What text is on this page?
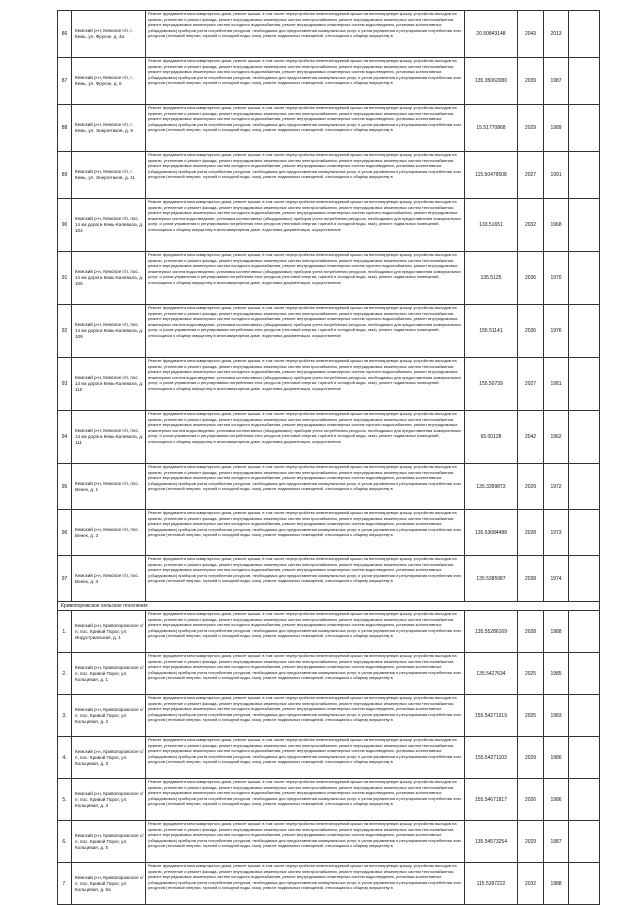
86	Кемский р-н, Кемское г/п, г. Кемь, ул. Фрунзе, д. 4а	Ремонт фундамента многоквартирного дома, ремонт крыши, в том числе переустройство невентилируемой крыши на вентилируемую крышу, устройство выходов на кровлю, утепление и ремонт фасада, ремонт внутридомовых инженерных систем электроснабжения, ремонт внутридомовых инженерных систем теплоснабжения, ремонт внутридомовых инженерных систем холодного водоснабжения, ремонт внутридомовых инженерных систем водоотведения, установка коллективных (общедомовых) приборов учета потребления ресурсов, необходимых для предоставления коммунальных услуг, и узлов управления и регулирования потребления этих ресурсов (тепловой энергии, горячей и холодной воды, газа), ремонт подвальных помещений, относящихся к общему имуществу в	20.50843148	2043	2013	
87	Кемский р-н, Кемское г/п, г. Кемь, ул. Фрунзе, д. 6	Ремонт фундамента многоквартирного дома, ремонт крыши, в том числе переустройство невентилируемой крыши на вентилируемую крышу, устройство выходов на кровлю, утепление и ремонт фасада, ремонт внутридомовых инженерных систем электроснабжения, ремонт внутридомовых инженерных систем теплоснабжения, ремонт внутридомовых инженерных систем холодного водоснабжения, ремонт внутридомовых инженерных систем водоотведения, установка коллективных (общедомовых) приборов учета потребления ресурсов, необходимых для предоставления коммунальных услуг, и узлов управления и регулирования потребления этих ресурсов (тепловой энергии, горячей и холодной воды, газа), ремонт подвальных помещений, относящихся к общему имуществу в	135.35062080	2039	1987	
88	Кемский р-н, Кемское г/п, г. Кемь, ул. Энергетиков, д. 9	Ремонт фундамента многоквартирного дома, ремонт крыши, в том числе переустройство невентилируемой крыши на вентилируемую крышу, устройство выходов на кровлю, утепление и ремонт фасада, ремонт внутридомовых инженерных систем электроснабжения, ремонт внутридомовых инженерных систем теплоснабжения, ремонт внутридомовых инженерных систем холодного водоснабжения, ремонт внутридомовых инженерных систем водоотведения, установка коллективных (общедомовых) приборов учета потребления ресурсов, необходимых для предоставления коммунальных услуг, и узлов управления и регулирования потребления этих ресурсов (тепловой энергии, горячей и холодной воды, газа), ремонт подвальных помещений, относящихся к общему имуществу в	15.51770868	2029	1989	
89	Кемский р-н, Кемское г/п, г. Кемь, ул. Энергетиков, д. 11	Ремонт фундамента многоквартирного дома, ремонт крыши, в том числе переустройство невентилируемой крыши на вентилируемую крышу, устройство выходов на кровлю, утепление и ремонт фасада, ремонт внутридомовых инженерных систем электроснабжения, ремонт внутридомовых инженерных систем теплоснабжения, ремонт внутридомовых инженерных систем холодного водоснабжения, ремонт внутридомовых инженерных систем водоотведения, установка коллективных (общедомовых) приборов учета потребления ресурсов, необходимых для предоставления коммунальных услуг, и узлов управления и регулирования потребления этих ресурсов (тепловой энергии, горячей и холодной воды, газа), ремонт подвальных помещений, относящихся к общему имуществу в	115.50479508	2027	1991	
90	Кемский р-н, Кемское г/п, пос. 14 км дороги Кемь-Калевала, д. 104	Ремонт фундамента многоквартирного дома, ремонт крыши, в том числе переустройство невентилируемой крыши на вентилируемую крышу, устройство выходов на кровлю, утепление и ремонт фасада, ремонт внутридомовых инженерных систем электроснабжения, ремонт внутридомовых инженерных систем теплоснабжения, ремонт внутридомовых инженерных систем холодного водоснабжения, ремонт внутридомовых инженерных систем горячего водоснабжения, ремонт внутридомовых инженерных систем водоотведения, установка коллективных (общедомовых) приборов учета потребления ресурсов, необходимых для предоставления коммунальных услуг, и узлов управления и регулирования потребления этих ресурсов (тепловой энергии, горячей и холодной воды, газа), ремонт подвальных помещений, относящихся к общему имуществу в многоквартирном доме, подготовка документации, осуществление	133.51651	2032	1968	
91	Кемский р-н, Кемское г/п, пос. 14 км дороги Кемь-Калевала, д. 105	Ремонт фундамента многоквартирного дома, ремонт крыши, в том числе переустройство невентилируемой крыши на вентилируемую крышу, устройство выходов на кровлю, утепление и ремонт фасада, ремонт внутридомовых инженерных систем электроснабжения, ремонт внутридомовых инженерных систем теплоснабжения, ремонт внутридомовых инженерных систем холодного водоснабжения, ремонт внутридомовых инженерных систем горячего водоснабжения, ремонт внутридомовых инженерных систем водоотведения, установка коллективных (общедомовых) приборов учета потребления ресурсов, необходимых для предоставления коммунальных услуг, и узлов управления и регулирования потребления этих ресурсов (тепловой энергии, горячей и холодной воды, газа), ремонт подвальных помещений, относящихся к общему имуществу в многоквартирном доме, подготовка документации, осуществление	135.5125	2036	1970	
92	Кемский р-н, Кемское г/п, пос. 14 км дороги Кемь-Калевала, д. 109	Ремонт фундамента многоквартирного дома, ремонт крыши, в том числе переустройство невентилируемой крыши на вентилируемую крышу, устройство выходов на кровлю, утепление и ремонт фасада, ремонт внутридомовых инженерных систем электроснабжения, ремонт внутридомовых инженерных систем теплоснабжения, ремонт внутридомовых инженерных систем холодного водоснабжения, ремонт внутридомовых инженерных систем горячего водоснабжения, ремонт внутридомовых инженерных систем водоотведения, установка коллективных (общедомовых) приборов учета потребления ресурсов, необходимых для предоставления коммунальных услуг, и узлов управления и регулирования потребления этих ресурсов (тепловой энергии, горячей и холодной воды, газа), ремонт подвальных помещений, относящихся к общему имуществу в многоквартирном доме, подготовка документации, осуществление	155.51141	2036	1976	
93	Кемский р-н, Кемское г/п, пос. 14 км дороги Кемь-Калевала, д. 110	Ремонт фундамента многоквартирного дома, ремонт крыши, в том числе переустройство невентилируемой крыши на вентилируемую крышу, устройство выходов на кровлю, утепление и ремонт фасада, ремонт внутридомовых инженерных систем электроснабжения, ремонт внутридомовых инженерных систем теплоснабжения, ремонт внутридомовых инженерных систем холодного водоснабжения, ремонт внутридомовых инженерных систем горячего водоснабжения, ремонт внутридомовых инженерных систем водоотведения, установка коллективных (общедомовых) приборов учета потребления ресурсов, необходимых для предоставления коммунальных услуг, и узлов управления и регулирования потребления этих ресурсов (тепловой энергии, горячей и холодной воды, газа), ремонт подвальных помещений, относящихся к общему имуществу в многоквартирном доме, подготовка документации, осуществление	155.50739	2027	1981	
94	Кемский р-н, Кемское г/п, пос. 14 км дороги Кемь-Калевала, д. 111	Ремонт фундамента многоквартирного дома, ремонт крыши, в том числе переустройство невентилируемой крыши на вентилируемую крышу, устройство выходов на кровлю, утепление и ремонт фасада, ремонт внутридомовых инженерных систем электроснабжения, ремонт внутридомовых инженерных систем теплоснабжения, ремонт внутридомовых инженерных систем холодного водоснабжения, ремонт внутридомовых инженерных систем горячего водоснабжения, ремонт внутридомовых инженерных систем водоотведения, установка коллективных (общедомовых) приборов учета потребления ресурсов, необходимых для предоставления коммунальных услуг, и узлов управления и регулирования потребления этих ресурсов (тепловой энергии, горячей и холодной воды, газа), ремонт подвальных помещений, относящихся к общему имуществу в многоквартирном доме, подготовка документации, осуществление	65.00128	2042	1962	
95	Кемский р-н, Кемское г/п, пос. Венек, д. 1	Ремонт фундамента многоквартирного дома, ремонт крыши, в том числе переустройство невентилируемой крыши на вентилируемую крышу, устройство выходов на кровлю, утепление и ремонт фасада, ремонт внутридомовых инженерных систем электроснабжения, ремонт внутридомовых инженерных систем теплоснабжения, ремонт внутридомовых инженерных систем холодного водоснабжения, ремонт внутридомовых инженерных систем водоотведения, установка коллективных (общедомовых) приборов учета потребления ресурсов, необходимых для предоставления коммунальных услуг, и узлов управления и регулирования потребления этих ресурсов (тепловой энергии, горячей и холодной воды, газа), ремонт подвальных помещений, относящихся к общему имуществу в	135.3399873	2029	1972	
96	Кемский р-н, Кемское г/п, пос. Венек, д. 3	Ремонт фундамента многоквартирного дома, ремонт крыши, в том числе переустройство невентилируемой крыши на вентилируемую крышу, устройство выходов на кровлю, утепление и ремонт фасада, ремонт внутридомовых инженерных систем электроснабжения, ремонт внутридомовых инженерных систем теплоснабжения, ремонт внутридомовых инженерных систем холодного водоснабжения, ремонт внутридомовых инженерных систем водоотведения, установка коллективных (общедомовых) приборов учета потребления ресурсов, необходимых для предоставления коммунальных услуг, и узлов управления и регулирования потребления этих ресурсов (тепловой энергии, горячей и холодной воды, газа), ремонт подвальных помещений, относящихся к общему имуществу в	135.53684488	2028	1973	
97	Кемский р-н, Кемское г/п, пос. Венек, д. 3	Ремонт фундамента многоквартирного дома, ремонт крыши, в том числе переустройство невентилируемой крыши на вентилируемую крышу, устройство выходов на кровлю, утепление и ремонт фасада, ремонт внутридомовых инженерных систем электроснабжения, ремонт внутридомовых инженерных систем теплоснабжения, ремонт внутридомовых инженерных систем холодного водоснабжения, ремонт внутридомовых инженерных систем водоотведения, установка коллективных (общедомовых) приборов учета потребления ресурсов, необходимых для предоставления коммунальных услуг, и узлов управления и регулирования потребления этих ресурсов (тепловой энергии, горячей и холодной воды, газа), ремонт подвальных помещений, относящихся к общему имуществу в	135.5385987	2038	1974	
Кривопорожское сельское поселение						
1.	Кемский р-н, Кривопорожское с/п, пос. Кривой Порог, ул. Индустриальная, д. 1	Ремонт фундамента многоквартирного дома, ремонт крыши, в том числе переустройство невентилируемой крыши на вентилируемую крышу, устройство выходов на кровлю, утепление и ремонт фасада, ремонт внутридомовых инженерных систем электроснабжения, ремонт внутридомовых инженерных систем теплоснабжения, ремонт внутридомовых инженерных систем холодного водоснабжения, ремонт внутридомовых инженерных систем водоотведения, установка коллективных (общедомовых) приборов учета потребления ресурсов, необходимых для предоставления коммунальных услуг, и узлов управления и регулирования потребления этих ресурсов (тепловой энергии, горячей и холодной воды, газа), ремонт подвальных помещений, относящихся к общему имуществу в	135.55286169	2028	1988	
2.	Кемский р-н, Кривопорожское с/п, пос. Кривой Порог, ул. Кольцевая, д. 1	Ремонт фундамента многоквартирного дома, ремонт крыши, в том числе переустройство невентилируемой крыши на вентилируемую крышу, устройство выходов на кровлю, утепление и ремонт фасада, ремонт внутридомовых инженерных систем электроснабжения, ремонт внутридомовых инженерных систем теплоснабжения, ремонт внутридомовых инженерных систем холодного водоснабжения, ремонт внутридомовых инженерных систем водоотведения, установка коллективных (общедомовых) приборов учета потребления ресурсов, необходимых для предоставления коммунальных услуг, и узлов управления и регулирования потребления этих ресурсов (тепловой энергии, горячей и холодной воды, газа), ремонт подвальных помещений, относящихся к общему имуществу в	135.5427634	2025	1985	
3.	Кемский р-н, Кривопорожское с/п, пос. Кривой Порог, ул. Кольцевая, д. 2	Ремонт фундамента многоквартирного дома, ремонт крыши, в том числе переустройство невентилируемой крыши на вентилируемую крышу, устройство выходов на кровлю, утепление и ремонт фасада, ремонт внутридомовых инженерных систем электроснабжения, ремонт внутридомовых инженерных систем теплоснабжения, ремонт внутридомовых инженерных систем холодного водоснабжения, ремонт внутридомовых инженерных систем водоотведения, установка коллективных (общедомовых) приборов учета потребления ресурсов, необходимых для предоставления коммунальных услуг, и узлов управления и регулирования потребления этих ресурсов (тепловой энергии, горячей и холодной воды, газа), ремонт подвальных помещений, относящихся к общему имуществу в	155.54271319	2025	1983	
4.	Кемский р-н, Кривопорожское с/п, пос. Кривой Порог, ул. Кольцевая, д. 3	Ремонт фундамента многоквартирного дома, ремонт крыши, в том числе переустройство невентилируемой крыши на вентилируемую крышу, устройство выходов на кровлю, утепление и ремонт фасада, ремонт внутридомовых инженерных систем электроснабжения, ремонт внутридомовых инженерных систем теплоснабжения, ремонт внутридомовых инженерных систем холодного водоснабжения, ремонт внутридомовых инженерных систем водоотведения, установка коллективных (общедомовых) приборов учета потребления ресурсов, необходимых для предоставления коммунальных услуг, и узлов управления и регулирования потребления этих ресурсов (тепловой энергии, горячей и холодной воды, газа), ремонт подвальных помещений, относящихся к общему имуществу в	155.54271103	2029	1986	
5.	Кемский р-н, Кривопорожское с/п, пос. Кривой Порог, ул. Кольцевая, д. 4	Ремонт фундамента многоквартирного дома, ремонт крыши, в том числе переустройство невентилируемой крыши на вентилируемую крышу, устройство выходов на кровлю, утепление и ремонт фасада, ремонт внутридомовых инженерных систем электроснабжения, ремонт внутридомовых инженерных систем теплоснабжения, ремонт внутридомовых инженерных систем холодного водоснабжения, ремонт внутридомовых инженерных систем водоотведения, установка коллективных (общедомовых) приборов учета потребления ресурсов, необходимых для предоставления коммунальных услуг, и узлов управления и регулирования потребления этих ресурсов (тепловой энергии, горячей и холодной воды, газа), ремонт подвальных помещений, относящихся к общему имуществу в	155.54671817	2026	1986	
6.	Кемский р-н, Кривопорожское с/п, пос. Кривой Порог, ул. Кольцевая, д. 5	Ремонт фундамента многоквартирного дома, ремонт крыши, в том числе переустройство невентилируемой крыши на вентилируемую крышу, устройство выходов на кровлю, утепление и ремонт фасада, ремонт внутридомовых инженерных систем электроснабжения, ремонт внутридомовых инженерных систем теплоснабжения, ремонт внутридомовых инженерных систем холодного водоснабжения, ремонт внутридомовых инженерных систем водоотведения, установка коллективных (общедомовых) приборов учета потребления ресурсов, необходимых для предоставления коммунальных услуг, и узлов управления и регулирования потребления этих ресурсов (тепловой энергии, горячей и холодной воды, газа), ремонт подвальных помещений, относящихся к общему имуществу в	135.54573254	2029	1987	
7.	Кемский р-н, Кривопорожское с/п, пос. Кривой Порог, ул. Кольцевая, д. 5а	Ремонт фундамента многоквартирного дома, ремонт крыши, в том числе переустройство невентилируемой крыши на вентилируемую крышу, устройство выходов на кровлю, утепление и ремонт фасада, ремонт внутридомовых инженерных систем электроснабжения, ремонт внутридомовых инженерных систем теплоснабжения, ремонт внутридомовых инженерных систем холодного водоснабжения, ремонт внутридомовых инженерных систем водоотведения, установка коллективных (общедомовых) приборов учета потребления ресурсов, необходимых для предоставления коммунальных услуг, и узлов управления и регулирования потребления этих ресурсов (тепловой энергии, горячей и холодной воды, газа), ремонт подвальных помещений, относящихся к общему имуществу в	115.5397222	2032	1988	
